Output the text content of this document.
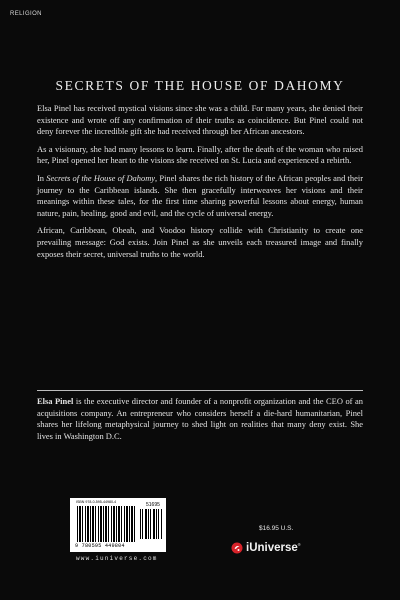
RELIGION
SECRETS OF THE HOUSE OF DAHOMY

Elsa Pinel has received mystical visions since she was a child. For many years, she denied their existence and wrote off any confirmation of their truths as coincidence. But Pinel could not deny forever the incredible gift she had received through her African ancestors.

As a visionary, she had many lessons to learn. Finally, after the death of the woman who raised her, Pinel opened her heart to the visions she received on St. Lucia and experienced a rebirth.

In Secrets of the House of Dahomy, Pinel shares the rich history of the African peoples and their journey to the Caribbean islands. She then gracefully interweaves her visions and their meanings within these tales, for the first time sharing powerful lessons about energy, human nature, pain, healing, good and evil, and the cycle of universal energy.

African, Caribbean, Obeah, and Voodoo history collide with Christianity to create one prevailing message: God exists. Join Pinel as she unveils each treasured image and finally exposes their secret, universal truths to the world.

Elsa Pinel is the executive director and founder of a nonprofit organization and the CEO of an acquisitions company. An entrepreneur who considers herself a die-hard humanitarian, Pinel shares her lifelong metaphysical journey to shed light on realities that many deny exist. She lives in Washington D.C.
ISBN 978-0-595-44980-4	51695
9 780595 449804
www.iuniverse.com
$16.95 U.S.
iUniverse®
